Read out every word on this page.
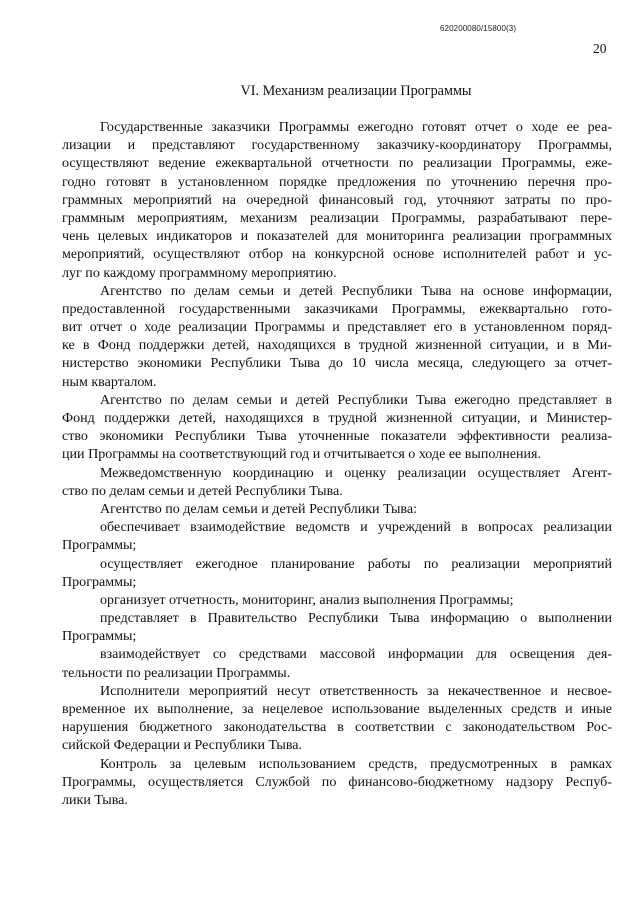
620200080/15800(3)
20
VI. Механизм реализации Программы
Государственные заказчики Программы ежегодно готовят отчет о ходе ее реа-
лизации и представляют государственному заказчику-координатору Программы,
осуществляют ведение ежеквартальной отчетности по реализации Программы, еже-
годно готовят в установленном порядке предложения по уточнению перечня про-
граммных мероприятий на очередной финансовый год, уточняют затраты по про-
граммным мероприятиям, механизм реализации Программы, разрабатывают пере-
чень целевых индикаторов и показателей для мониторинга реализации программных
мероприятий, осуществляют отбор на конкурсной основе исполнителей работ и ус-
луг по каждому программному мероприятию.
Агентство по делам семьи и детей Республики Тыва на основе информации,
предоставленной государственными заказчиками Программы, ежеквартально гото-
вит отчет о ходе реализации Программы и представляет его в установленном поряд-
ке в Фонд поддержки детей, находящихся в трудной жизненной ситуации, и в Ми-
нистерство экономики Республики Тыва до 10 числа месяца, следующего за отчет-
ным кварталом.
Агентство по делам семьи и детей Республики Тыва ежегодно представляет в
Фонд поддержки детей, находящихся в трудной жизненной ситуации, и Министер-
ство экономики Республики Тыва уточненные показатели эффективности реализа-
ции Программы на соответствующий год и отчитывается о ходе ее выполнения.
Межведомственную координацию и оценку реализации осуществляет Агент-
ство по делам семьи и детей Республики Тыва.
Агентство по делам семьи и детей Республики Тыва:
обеспечивает взаимодействие ведомств и учреждений в вопросах реализации
Программы;
осуществляет ежегодное планирование работы по реализации мероприятий
Программы;
организует отчетность, мониторинг, анализ выполнения Программы;
представляет в Правительство Республики Тыва информацию о выполнении
Программы;
взаимодействует со средствами массовой информации для освещения дея-
тельности по реализации Программы.
Исполнители мероприятий несут ответственность за некачественное и несвое-
временное их выполнение, за нецелевое использование выделенных средств и иные
нарушения бюджетного законодательства в соответствии с законодательством Рос-
сийской Федерации и Республики Тыва.
Контроль за целевым использованием средств, предусмотренных в рамках
Программы, осуществляется Службой по финансово-бюджетному надзору Респуб-
лики Тыва.
